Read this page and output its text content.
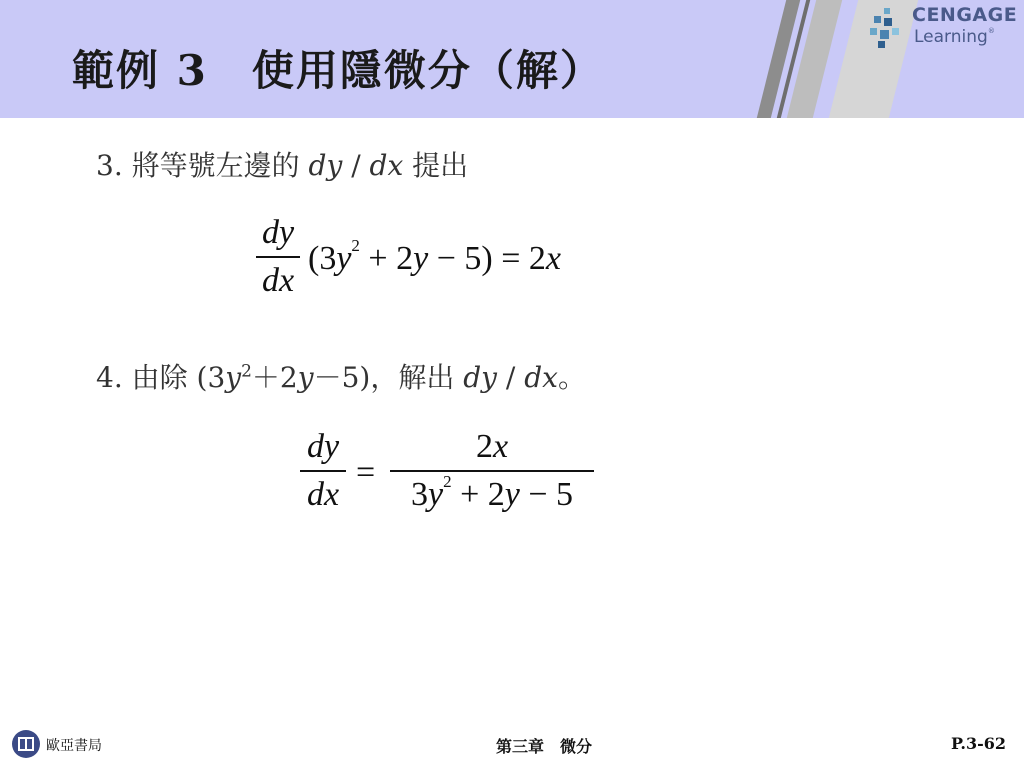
範例 3　使用隱微分（解）
CENGAGE
Learning®
3. 將等號左邊的 dy / dx 提出
dy
dx
$(3y^2 + 2y - 5) = 2x$
4. 由除 $(3y^2+2y-5)$，解出 dy / dx。
dy
dx
=
2x
$3y^2 + 2y - 5$
歐亞書局	第三章　微分	P.3-62
